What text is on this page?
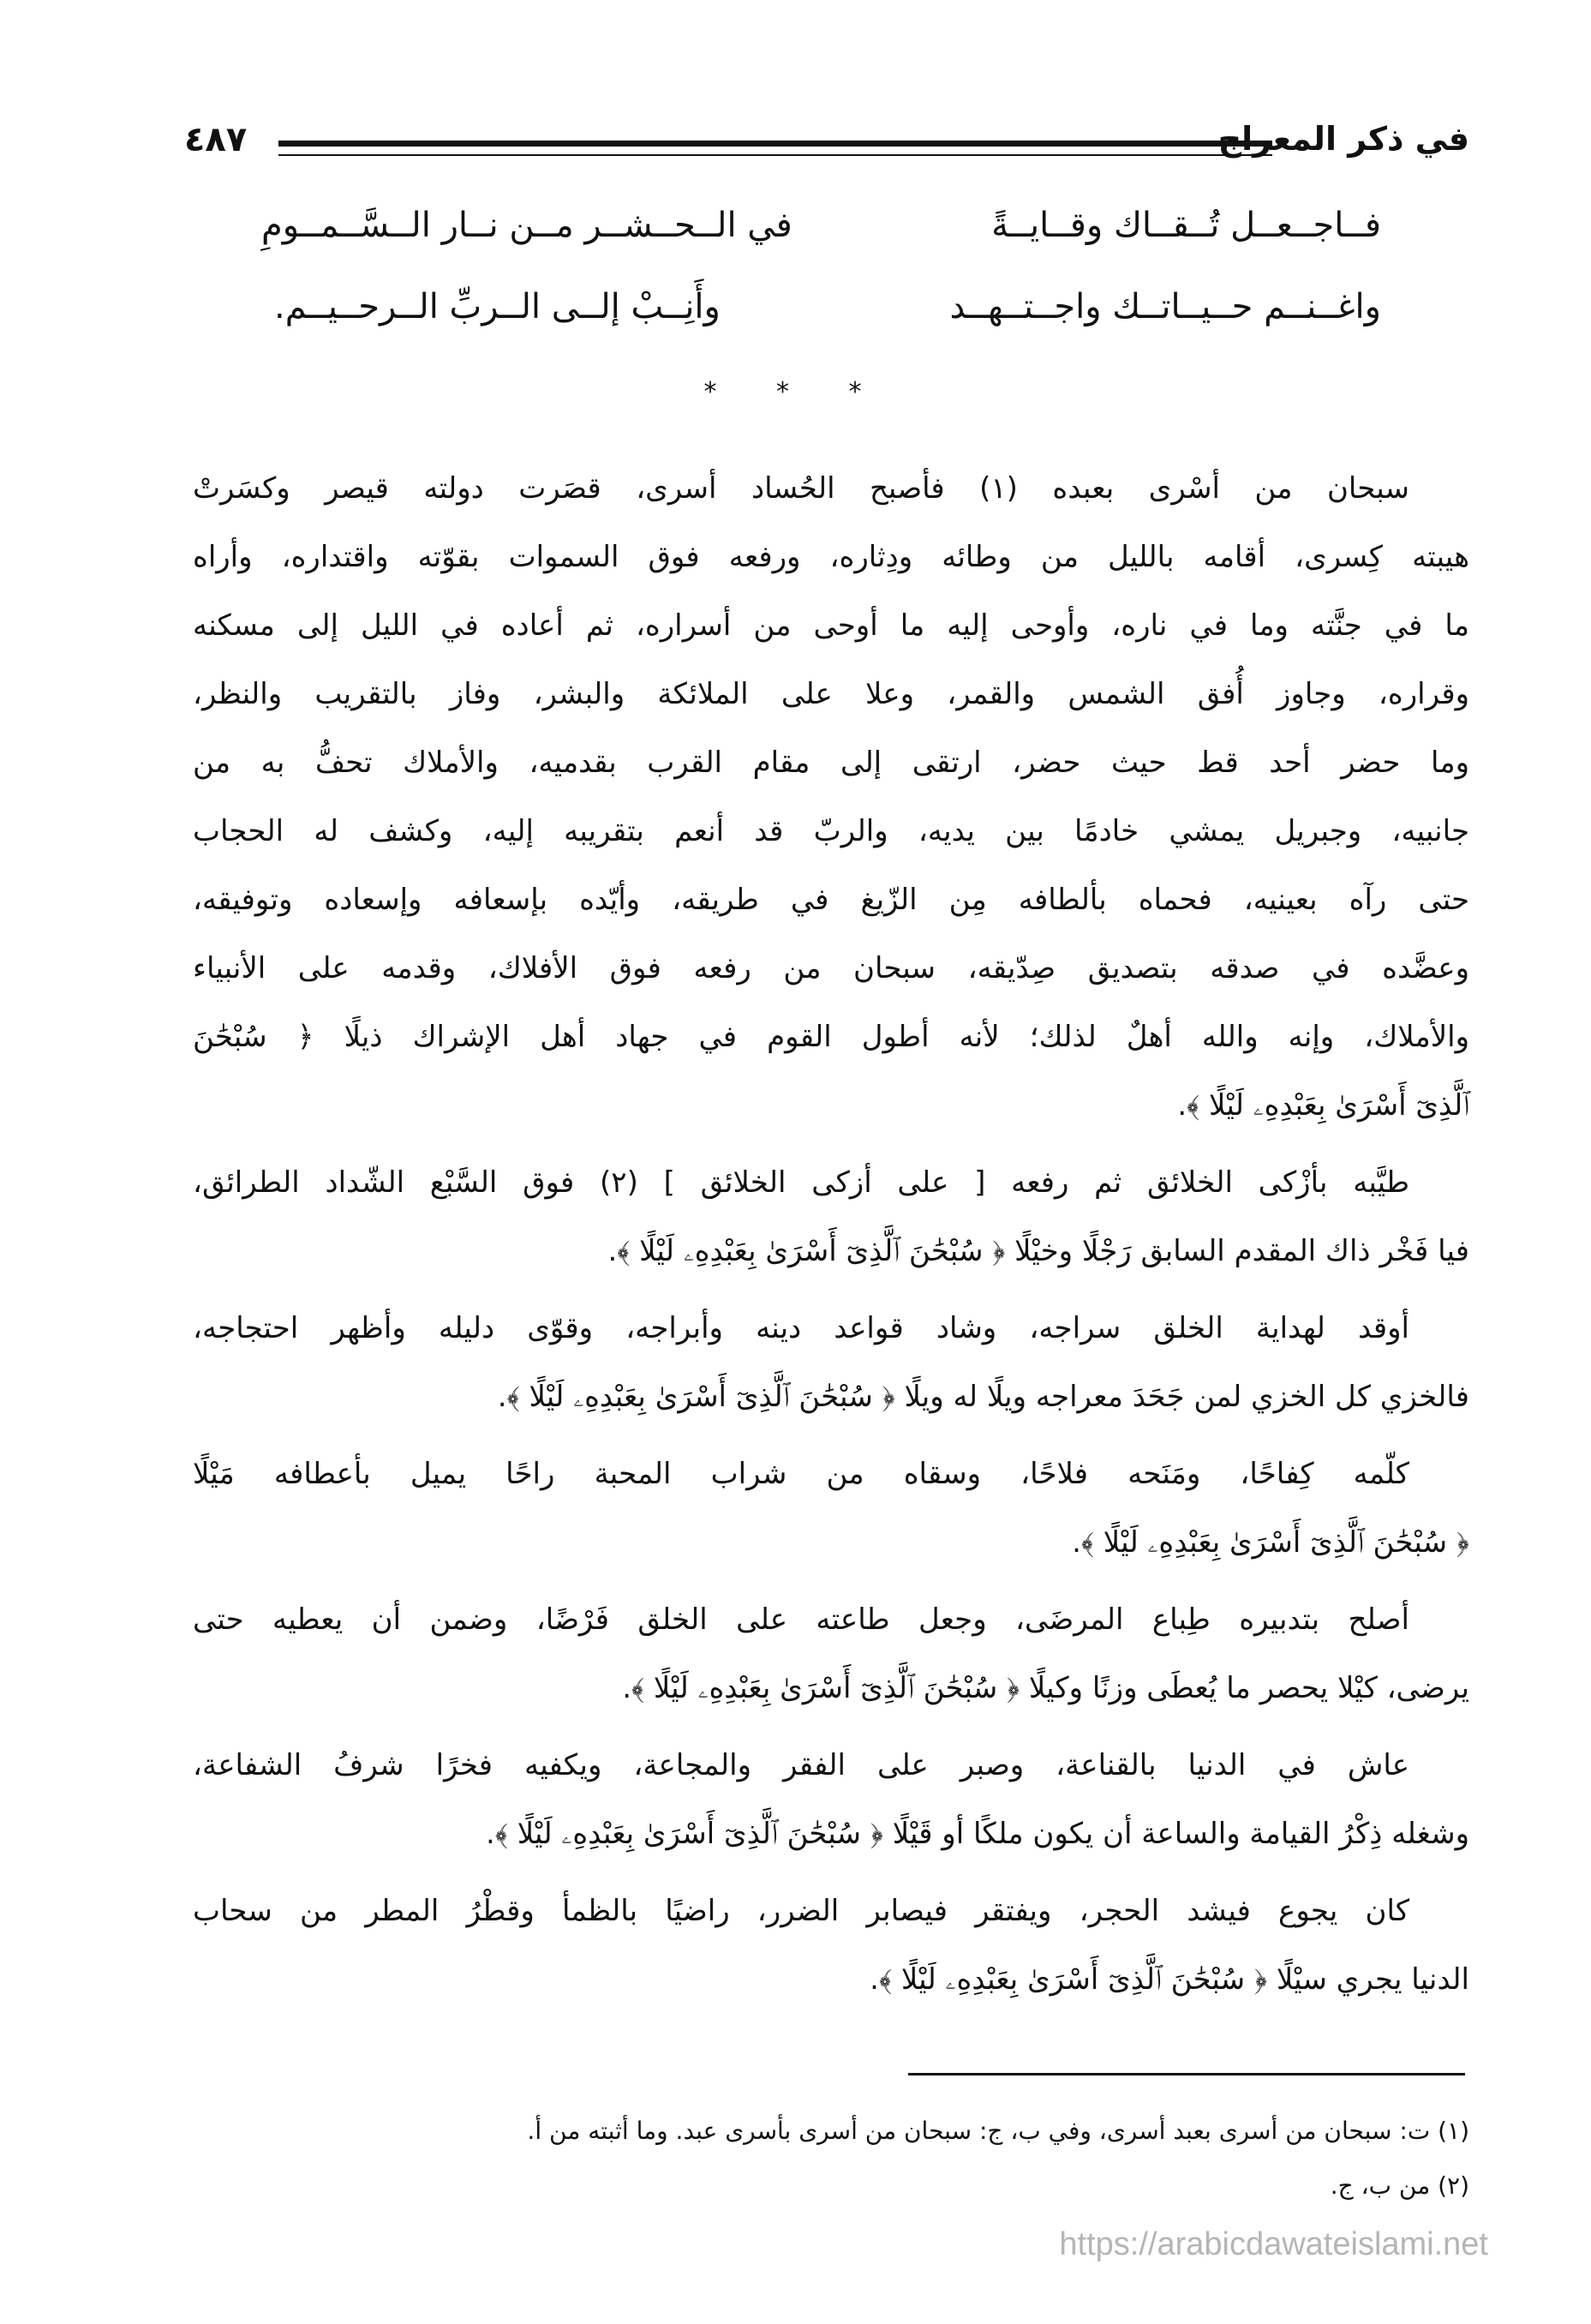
في ذكر المعراج
٤٨٧
فــاجــعــل تُــقــاك وقــايــةً
في الــحــشــر مــن نــار الــسَّــمــومِ
واغــنــم حــيــاتــك واجــتــهــد
وأَنِــبْ إلــى الــربِّ الــرحــيــم.
* * *
سبحان من أسْرى بعبده (١) فأصبح الحُساد أسرى، قصَرت دولته قيصر وكسَرتْ
هيبته كِسرى، أقامه بالليل من وطائه ودِثاره، ورفعه فوق السموات بقوّته واقتداره، وأراه
ما في جنَّته وما في ناره، وأوحى إليه ما أوحى من أسراره، ثم أعاده في الليل إلى مسكنه
وقراره، وجاوز أُفق الشمس والقمر، وعلا على الملائكة والبشر، وفاز بالتقريب والنظر،
وما حضر أحد قط حيث حضر، ارتقى إلى مقام القرب بقدميه، والأملاك تحفُّ به من
جانبيه، وجبريل يمشي خادمًا بين يديه، والربّ قد أنعم بتقريبه إليه، وكشف له الحجاب
حتى رآه بعينيه، فحماه بألطافه مِن الزّيغ في طريقه، وأيّده بإسعافه وإسعاده وتوفيقه،
وعضَّده في صدقه بتصديق صِدّيقه، سبحان من رفعه فوق الأفلاك، وقدمه على الأنبياء
والأملاك، وإنه والله أهلٌ لذلك؛ لأنه أطول القوم في جهاد أهل الإشراك ذيلًا ﴿ سُبْحَٰنَ
ٱلَّذِىٓ أَسْرَىٰ بِعَبْدِهِۦ لَيْلًا ﴾.
طيَّبه بأزْكى الخلائق ثم رفعه [ على أزكى الخلائق ] (٢) فوق السَّبْع الشّداد الطرائق،
فيا فَخْر ذاك المقدم السابق رَجْلًا وخيْلًا ﴿ سُبْحَٰنَ ٱلَّذِىٓ أَسْرَىٰ بِعَبْدِهِۦ لَيْلًا ﴾.
أوقد لهداية الخلق سراجه، وشاد قواعد دينه وأبراجه، وقوّى دليله وأظهر احتجاجه،
فالخزي كل الخزي لمن جَحَدَ معراجه ويلًا له ويلًا ﴿ سُبْحَٰنَ ٱلَّذِىٓ أَسْرَىٰ بِعَبْدِهِۦ لَيْلًا ﴾.
كلّمه كِفاحًا، ومَنَحه فلاحًا، وسقاه من شراب المحبة راحًا يميل بأعطافه مَيْلًا
﴿ سُبْحَٰنَ ٱلَّذِىٓ أَسْرَىٰ بِعَبْدِهِۦ لَيْلًا ﴾.
أصلح بتدبيره طِباع المرضَى، وجعل طاعته على الخلق فَرْضًا، وضمن أن يعطيه حتى
يرضى، كيْلا يحصر ما يُعطَى وزنًا وكيلًا ﴿ سُبْحَٰنَ ٱلَّذِىٓ أَسْرَىٰ بِعَبْدِهِۦ لَيْلًا ﴾.
عاش في الدنيا بالقناعة، وصبر على الفقر والمجاعة، ويكفيه فخرًا شرفُ الشفاعة،
وشغله ذِكْرُ القيامة والساعة أن يكون ملكًا أو قَيْلًا ﴿ سُبْحَٰنَ ٱلَّذِىٓ أَسْرَىٰ بِعَبْدِهِۦ لَيْلًا ﴾.
كان يجوع فيشد الحجر، ويفتقر فيصابر الضرر، راضيًا بالظمأ وقطْرُ المطر من سحاب
الدنيا يجري سيْلًا ﴿ سُبْحَٰنَ ٱلَّذِىٓ أَسْرَىٰ بِعَبْدِهِۦ لَيْلًا ﴾.
(١) ت: سبحان من أسرى بعبد أسرى، وفي ب، ج: سبحان من أسرى بأسرى عبد. وما أثبته من أ.
(٢) من ب، ج.
https://arabicdawateislami.net
